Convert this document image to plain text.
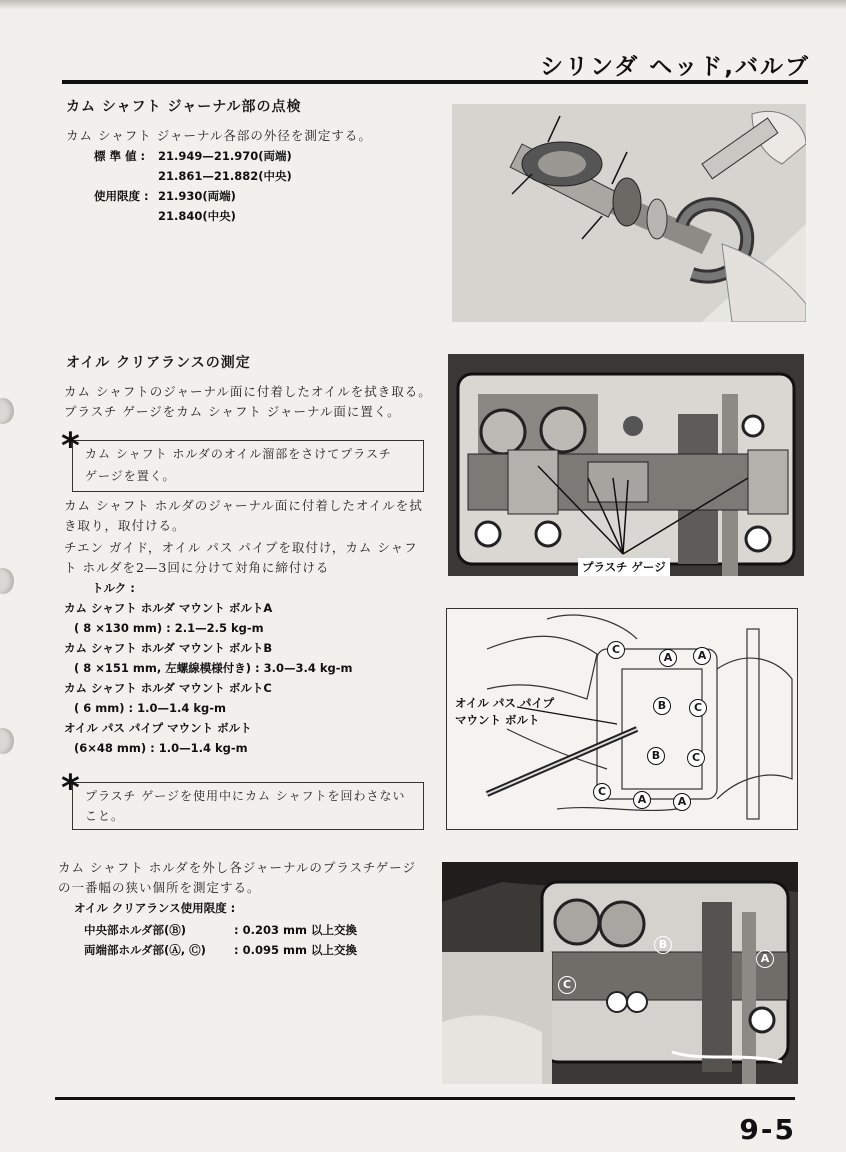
シリンダ ヘッド,バルブ
カム シャフト ジャーナル部の点検
カム シャフト ジャーナル各部の外径を測定する。
標 準 値 : 21.949—21.970(両端)
21.861—21.882(中央)
使用限度 : 21.930(両端)
21.840(中央)
オイル クリアランスの測定
カム シャフトのジャーナル面に付着したオイルを拭き取る。
プラスチ ゲージをカム シャフト ジャーナル面に置く。
* カム シャフト ホルダのオイル溜部をさけてプラスチ
ゲージを置く。
カム シャフト ホルダのジャーナル面に付着したオイルを拭
き取り，取付ける。
チエン ガイド，オイル パス パイプを取付け，カム シャフ
ト ホルダを2—3回に分けて対角に締付ける
トルク :
カム シャフト ホルダ マウント ボルトA
( 8 ×130 mm) : 2.1—2.5 kg-m
カム シャフト ホルダ マウント ボルトB
( 8 ×151 mm, 左螺線模様付き) : 3.0—3.4 kg-m
カム シャフト ホルダ マウント ボルトC
( 6 mm) : 1.0—1.4 kg-m
オイル パス パイプ マウント ボルト
(6×48 mm) : 1.0—1.4 kg-m
* プラスチ ゲージを使用中にカム シャフトを回わさない
こと。
プラスチ ゲージ
オイル パス パイプ
マウント ボルト
C
A	A
B	C
B	C
C
A	A
カム シャフト ホルダを外し各ジャーナルのプラスチゲージ
の一番幅の狭い個所を測定する。
オイル クリアランス使用限度 :
中央部ホルダ部(Ⓑ)	: 0.203 mm 以上交換
両端部ホルダ部(Ⓐ, Ⓒ) : 0.095 mm 以上交換	B
A
C
9-5
